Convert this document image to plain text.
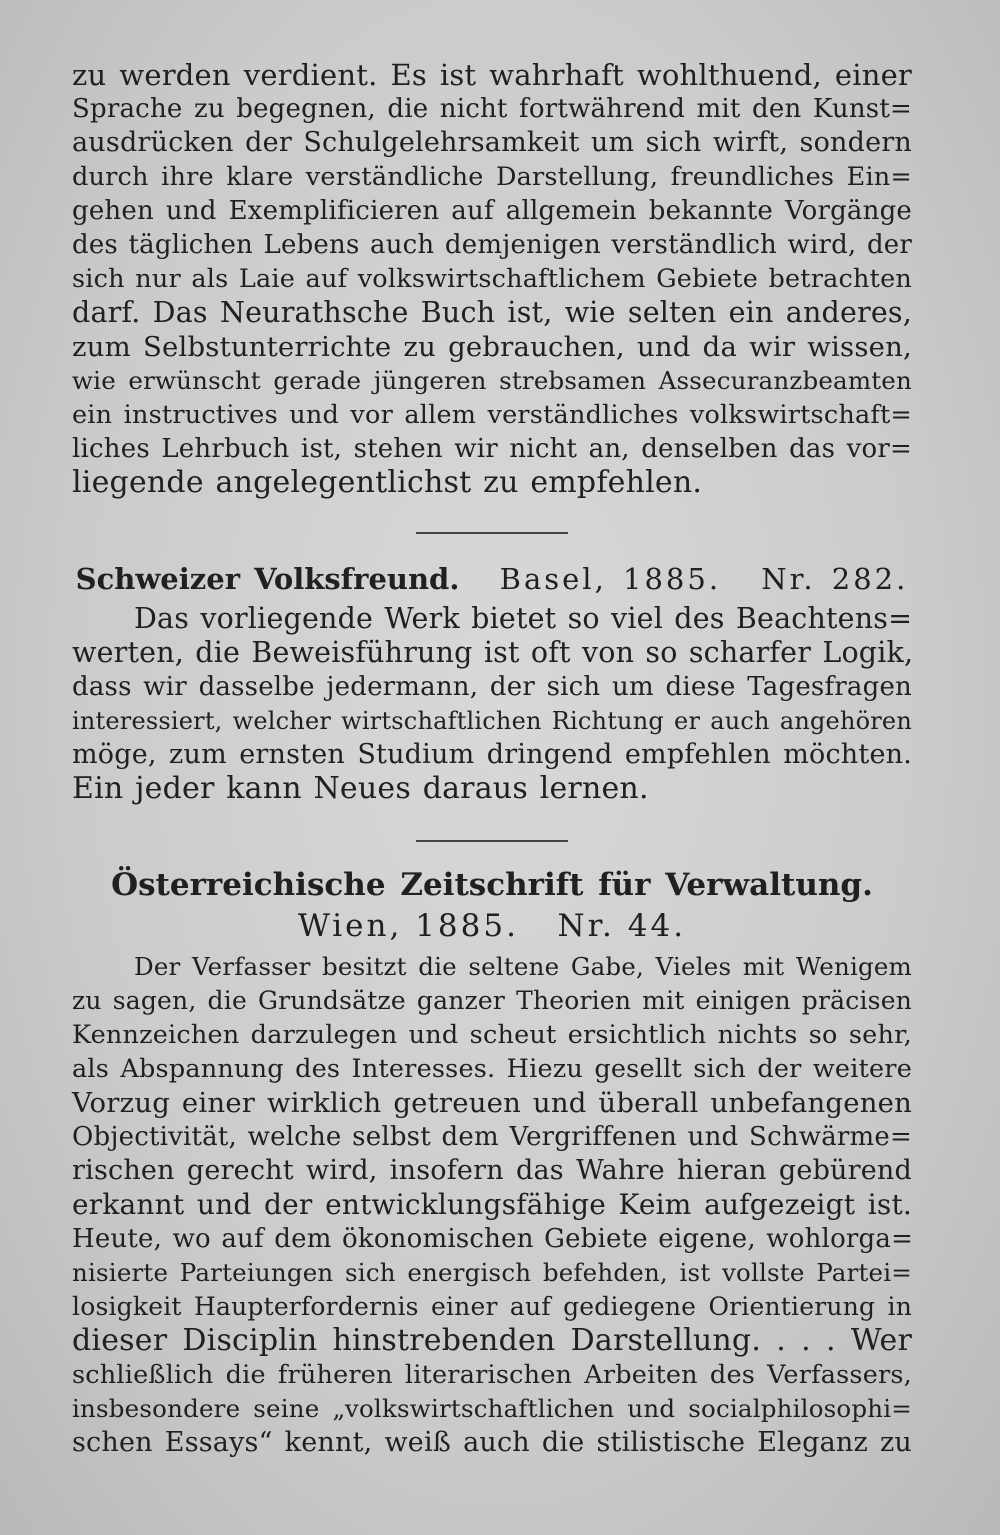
zu werden verdient. Es ist wahrhaft wohlthuend, einer
Sprache zu begegnen, die nicht fortwährend mit den Kunst=
ausdrücken der Schulgelehrsamkeit um sich wirft, sondern
durch ihre klare verständliche Darstellung, freundliches Ein=
gehen und Exemplificieren auf allgemein bekannte Vorgänge
des täglichen Lebens auch demjenigen verständlich wird, der
sich nur als Laie auf volkswirtschaftlichem Gebiete betrachten
darf. Das Neurathsche Buch ist, wie selten ein anderes,
zum Selbstunterrichte zu gebrauchen, und da wir wissen,
wie erwünscht gerade jüngeren strebsamen Assecuranzbeamten
ein instructives und vor allem verständliches volkswirtschaft=
liches Lehrbuch ist, stehen wir nicht an, denselben das vor=
liegende angelegentlichst zu empfehlen.
Schweizer Volksfreund. Basel, 1885. Nr. 282.
Das vorliegende Werk bietet so viel des Beachtens=
werten, die Beweisführung ist oft von so scharfer Logik,
dass wir dasselbe jedermann, der sich um diese Tagesfragen
interessiert, welcher wirtschaftlichen Richtung er auch angehören
möge, zum ernsten Studium dringend empfehlen möchten.
Ein jeder kann Neues daraus lernen.
Österreichische Zeitschrift für Verwaltung.
Wien, 1885. Nr. 44.
Der Verfasser besitzt die seltene Gabe, Vieles mit Wenigem
zu sagen, die Grundsätze ganzer Theorien mit einigen präcisen
Kennzeichen darzulegen und scheut ersichtlich nichts so sehr,
als Abspannung des Interesses. Hiezu gesellt sich der weitere
Vorzug einer wirklich getreuen und überall unbefangenen
Objectivität, welche selbst dem Vergriffenen und Schwärme=
rischen gerecht wird, insofern das Wahre hieran gebürend
erkannt und der entwicklungsfähige Keim aufgezeigt ist.
Heute, wo auf dem ökonomischen Gebiete eigene, wohlorga=
nisierte Parteiungen sich energisch befehden, ist vollste Partei=
losigkeit Haupterfordernis einer auf gediegene Orientierung in
dieser Disciplin hinstrebenden Darstellung. . . . Wer
schließlich die früheren literarischen Arbeiten des Verfassers,
insbesondere seine „volkswirtschaftlichen und socialphilosophi=
schen Essays“ kennt, weiß auch die stilistische Eleganz zu
